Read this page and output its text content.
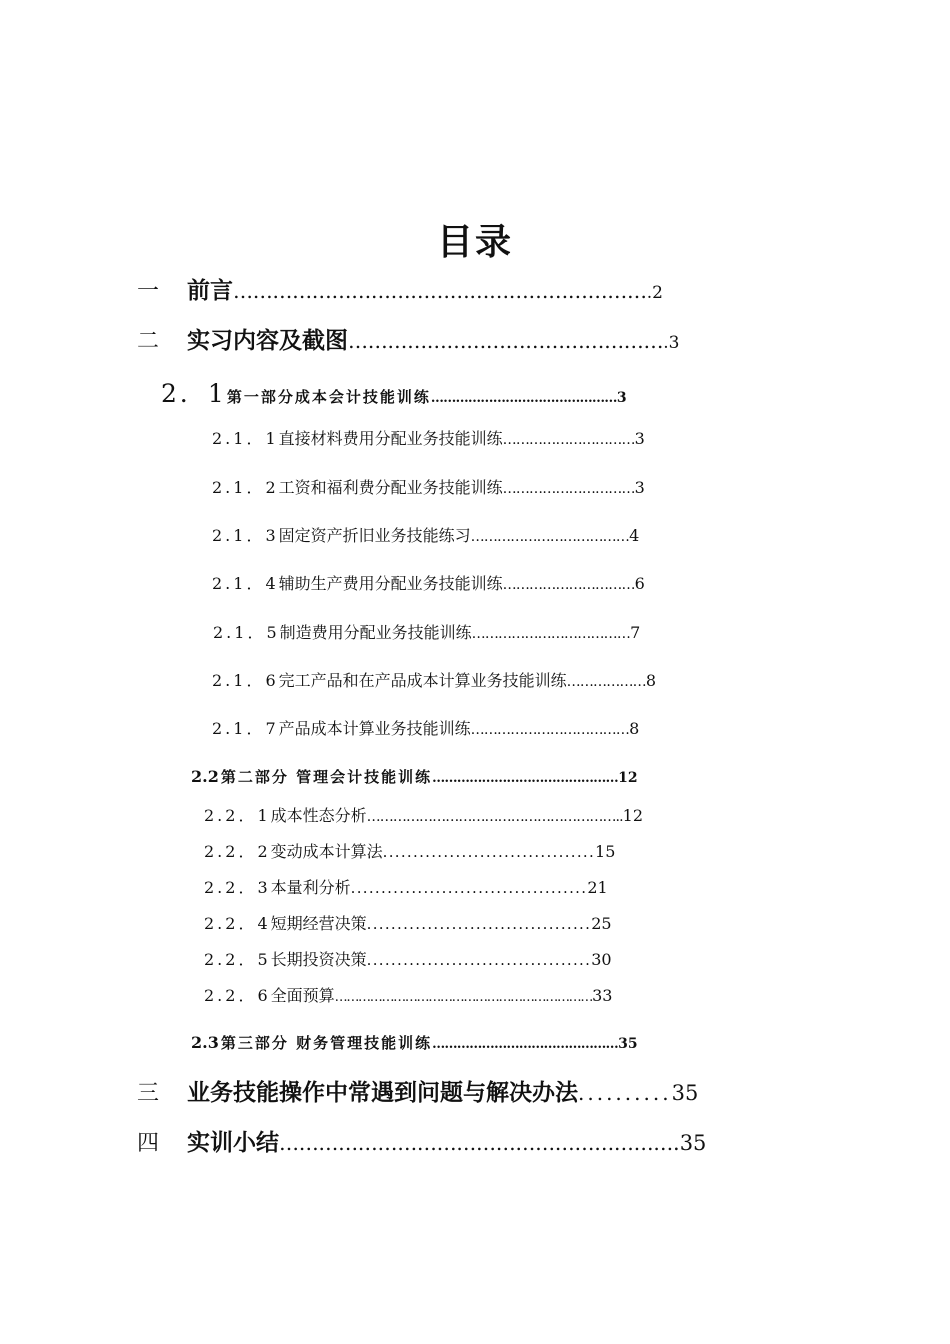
目录
一 前言……………………………………………………….2
二 实习内容及截图………………………………………….3
2．1第一部分成本会计技能训练………………………………………3
2.1．1直接材料费用分配业务技能训练…………………………3
2.1．2工资和福利费分配业务技能训练…………………………3
2.1．3固定资产折旧业务技能练习………………………………4
2.1．4辅助生产费用分配业务技能训练…………………………6
2.1．5制造费用分配业务技能训练………………………………7
2.1．6完工产品和在产品成本计算业务技能训练………………8
2.1．7产品成本计算业务技能训练………………………………8
2.2 第二部分 管理会计技能训练………………………………………12
2.2．1成本性态分析…………………………………………………..12
2.2．2变动成本计算法...................................15
2.2．3本量利分析.......................................21
2.2．4短期经营决策.....................................25
2.2．5长期投资决策.....................................30
2.2．6全面预算…………………………………………………………33
2.3 第三部分 财务管理技能训练………………………………………35
三 业务技能操作中常遇到问题与解决办法..........35
四 实训小结…………………………………………………….35
